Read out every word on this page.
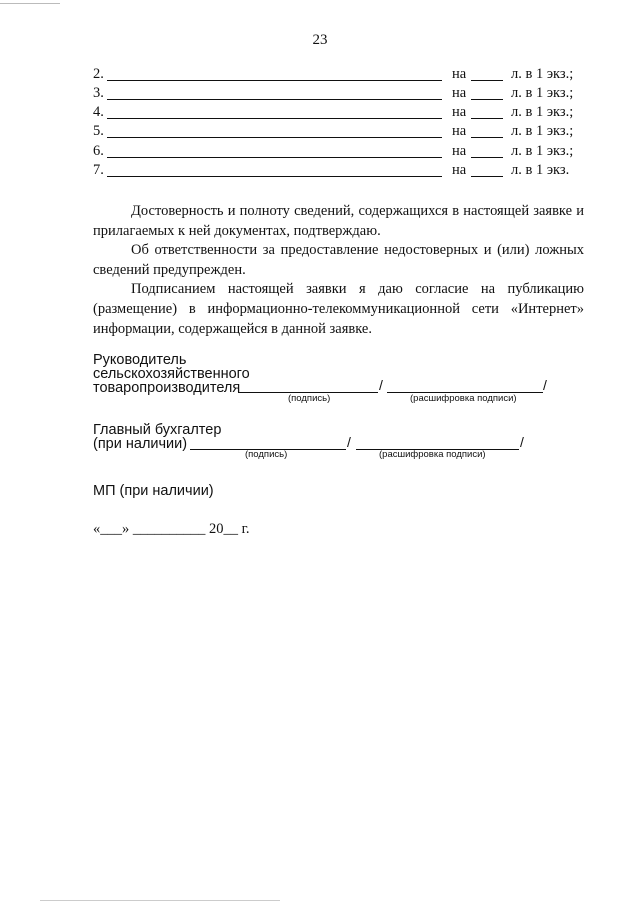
23
2.	на	л. в 1 экз.;
3.	на	л. в 1 экз.;
4.	на	л. в 1 экз.;
5.	на	л. в 1 экз.;
6.	на	л. в 1 экз.;
7.	на	л. в 1 экз.
Достоверность и полноту сведений, содержащихся в настоящей заявке и прилагаемых к ней документах, подтверждаю.
Об ответственности за предоставление недостоверных и (или) ложных сведений предупрежден.
Подписанием настоящей заявки я даю согласие на публикацию (размещение) в информационно-телекоммуникационной сети «Интернет» информации, содержащейся в данной заявке.
Руководитель
сельскохозяйственного
товаропроизводителя	/	/
(подпись)	(расшифровка подписи)
Главный бухгалтер
(при наличии)	/	/
(подпись)	(расшифровка подписи)
МП (при наличии)
«___» __________ 20__ г.
